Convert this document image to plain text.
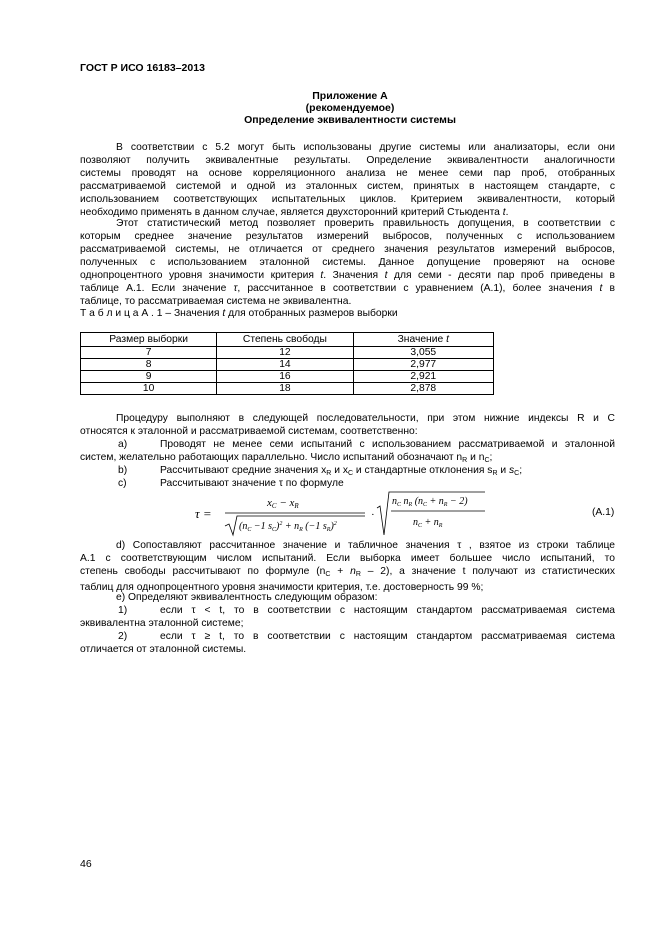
ГОСТ Р ИСО 16183–2013
Приложение А
(рекомендуемое)
Определение эквивалентности системы

В соответствии с 5.2 могут быть использованы другие системы или анализаторы, если они

позволяют получить эквивалентные результаты. Определение эквивалентности аналогичности

системы проводят на основе корреляционного анализа не менее семи пар проб, отобранных

рассматриваемой системой и одной из эталонных систем, принятых в настоящем стандарте, с

использованием соответствующих испытательных циклов. Критерием эквивалентности, который

необходимо применять в данном случае, является двухсторонний критерий Стьюдента t.

Этот статистический метод позволяет проверить правильность допущения, в соответствии с

которым среднее значение результатов измерений выбросов, полученных с использованием

рассматриваемой системы, не отличается от среднего значения результатов измерений выбросов,

полученных с использованием эталонной системы. Данное допущение проверяют на основе

однопроцентного уровня значимости критерия t. Значения t для семи - десяти пар проб приведены в

таблице А.1. Если значение τ, рассчитанное в соответствии с уравнением (А.1), более значения t в

таблице, то рассматриваемая система не эквивалентна.

Т а б л и ц а А . 1 – Значения t для отобранных размеров выборки
Размер выборки	Степень свободы	Значение t
7	12	3,055
8	14	2,977
9	16	2,921
10	18	2,878

Процедуру выполняют в следующей последовательности, при этом нижние индексы R и C

относятся к эталонной и рассматриваемой системам, соответственно:

а)	Проводят не менее семи испытаний с использованием рассматриваемой и эталонной
систем, желательно работающих параллельно. Число испытаний обозначают $n_R$ и $n_C$;
b)	Рассчитывают средние значения $x_R$ и $x_C$ и стандартные отклонения $s_R$ и $s_C$;
c)	Рассчитывают значение τ по формуле
τ =
xC − xR
($n_C -1$ $s_C)^2 + n_R$ (−1 $s_R)^2$
·
$n_C$ $n_R$ $(n_C + n_R - 2)$
$n_C + n_R$
(А.1)

d) Сопоставляют рассчитанное значение и табличное значения τ , взятое из строки таблице

А.1 с соответствующим числом испытаний. Если выборка имеет большее число испытаний, то

степень свободы рассчитывают по формуле $(n_C + n_R - 2)$, а значение t получают из статистических

таблиц для однопроцентного уровня значимости критерия, т.е. достоверность 99 %;

е) Определяют эквивалентность следующим образом:

1)	если τ < t, то в соответствии с настоящим стандартом рассматриваемая система
эквивалентна эталонной системе;
2)	если τ ≥ t, то в соответствии с настоящим стандартом рассматриваемая система
отличается от эталонной системы.
46
